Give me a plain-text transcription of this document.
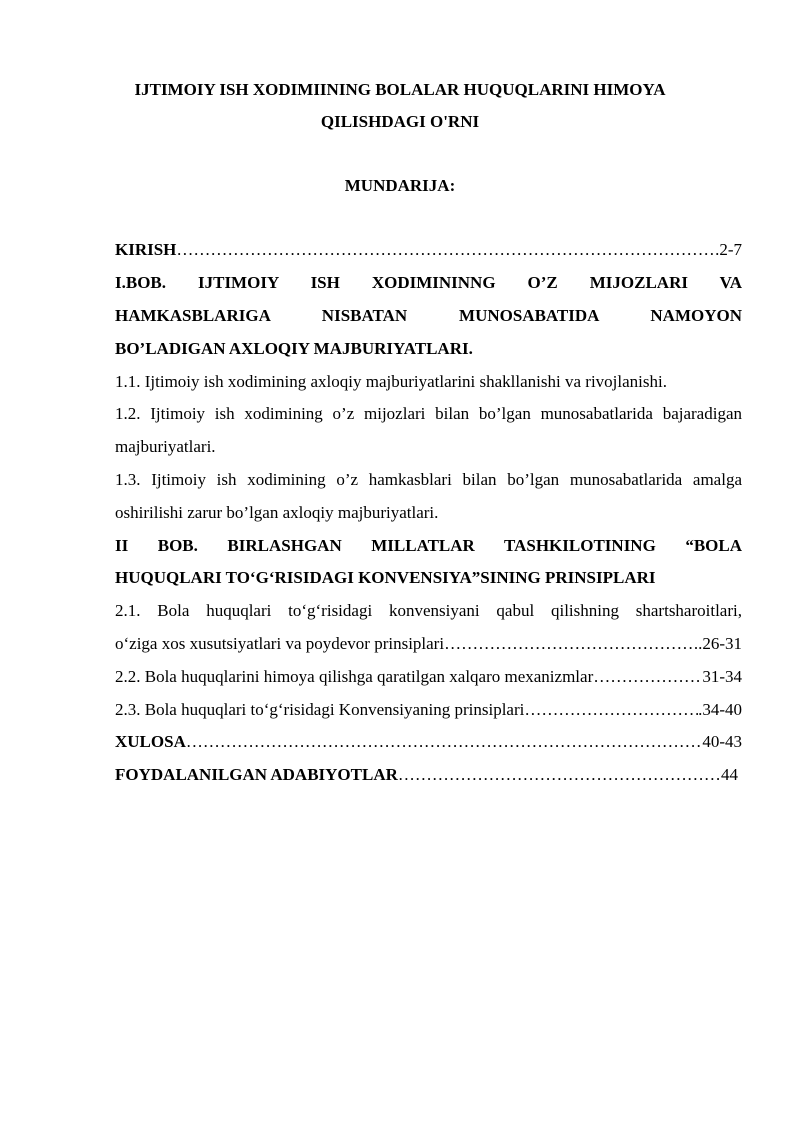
IJTIMOIY ISH XODIMIINING BOLALAR HUQUQLARINI HIMOYA
QILISHDAGI O'RNI
MUNDARIJA:
KIRISH ……………………………………………………………………………………………………………………………………………………	.2-7
I.BOB. IJTIMOIY ISH XODIMININNG O’Z MIJOZLARI VA
HAMKASBLARIGA NISBATAN MUNOSABATIDA NAMOYON
BO’LADIGAN AXLOQIY MAJBURIYATLARI.
1.1. Ijtimoiy ish xodimining axloqiy majburiyatlarini shakllanishi va rivojlanishi.
1.2. Ijtimoiy ish xodimining o’z mijozlari bilan bo’lgan munosabatlarida bajaradigan
majburiyatlari.
1.3. Ijtimoiy ish xodimining o’z hamkasblari bilan bo’lgan munosabatlarida amalga
oshirilishi zarur bo’lgan axloqiy majburiyatlari.
II BOB. BIRLASHGAN MILLATLAR TASHKILOTINING “BOLA
HUQUQLARI TO‘G‘RISIDAGI KONVENSIYA”SINING PRINSIPLARI
2.1. Bola huquqlari to‘g‘risidagi konvensiyani qabul qilishning shartsharoitlari,
o‘ziga xos xusutsiyatlari va poydevor prinsiplari ……………………………………………………………………………………………………………………………………………………	..26-31
2.2. Bola huquqlarini himoya qilishga qaratilgan xalqaro mexanizmlar ……………………………………………………………………………………………………………………………………………………	31-34
2.3. Bola huquqlari to‘g‘risidagi Konvensiyaning prinsiplari ……………………………………………………………………………………………………………………………………………………	.34-40
XULOSA ……………………………………………………………………………………………………………………………………………………	40-43
FOYDALANILGAN ADABIYOTLAR ……………………………………………………………………………………………………………………………………………………	44
